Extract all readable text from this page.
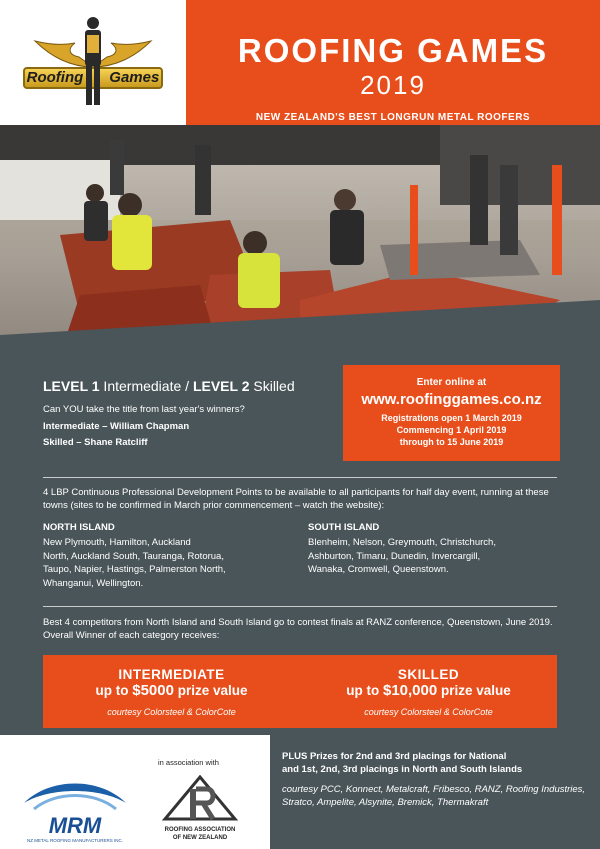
Roofing Games
ROOFING GAMES
2019
NEW ZEALAND'S BEST LONGRUN METAL ROOFERS
LEVEL 1 Intermediate / LEVEL 2 Skilled
Can YOU take the title from last year's winners?
Intermediate – William Chapman
Skilled – Shane Ratcliff
Enter online at
www.roofinggames.co.nz
Registrations open 1 March 2019
Commencing 1 April 2019
through to 15 June 2019
4 LBP Continuous Professional Development Points to be available to all participants for half day event, running at these towns (sites to be confirmed in March prior commencement – watch the website):
NORTH ISLAND
New Plymouth, Hamilton, Auckland
North, Auckland South, Tauranga, Rotorua,
Taupo, Napier, Hastings, Palmerston North,
Whanganui, Wellington.
SOUTH ISLAND
Blenheim, Nelson, Greymouth, Christchurch,
Ashburton, Timaru, Dunedin, Invercargill,
Wanaka, Cromwell, Queenstown.
Best 4 competitors from North Island and South Island go to contest finals at RANZ conference, Queenstown, June 2019. Overall Winner of each category receives:
INTERMEDIATE
up to $5000 prize value
courtesy Colorsteel & ColorCote
SKILLED
up to $10,000 prize value
courtesy Colorsteel & ColorCote
in association with
MRM
NZ METAL ROOFING MANUFACTURERS INC.
ROOFING ASSOCIATION
OF NEW ZEALAND
PLUS Prizes for 2nd and 3rd placings for National
and 1st, 2nd, 3rd placings in North and South Islands
courtesy PCC, Konnect, Metalcraft, Fribesco, RANZ, Roofing Industries, Stratco, Ampelite, Alsynite, Bremick, Thermakraft
